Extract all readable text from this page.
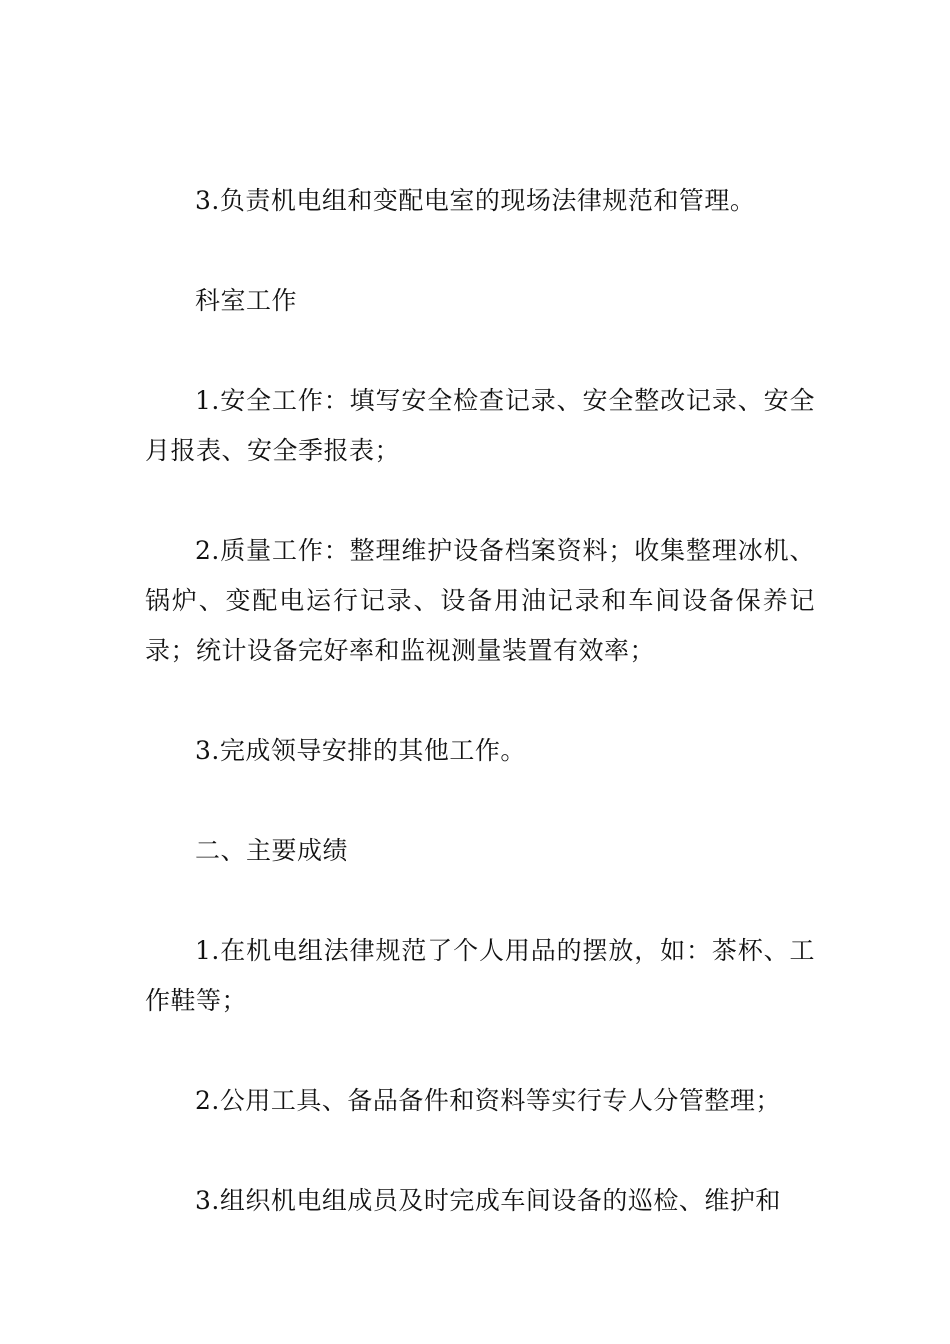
3.负责机电组和变配电室的现场法律规范和管理。

科室工作

1.安全工作：填写安全检查记录、安全整改记录、安全月报表、安全季报表；

2.质量工作：整理维护设备档案资料；收集整理冰机、锅炉、变配电运行记录、设备用油记录和车间设备保养记录；统计设备完好率和监视测量装置有效率；

3.完成领导安排的其他工作。

二、主要成绩

1.在机电组法律规范了个人用品的摆放，如：茶杯、工作鞋等；

2.公用工具、备品备件和资料等实行专人分管整理；

3.组织机电组成员及时完成车间设备的巡检、维护和
